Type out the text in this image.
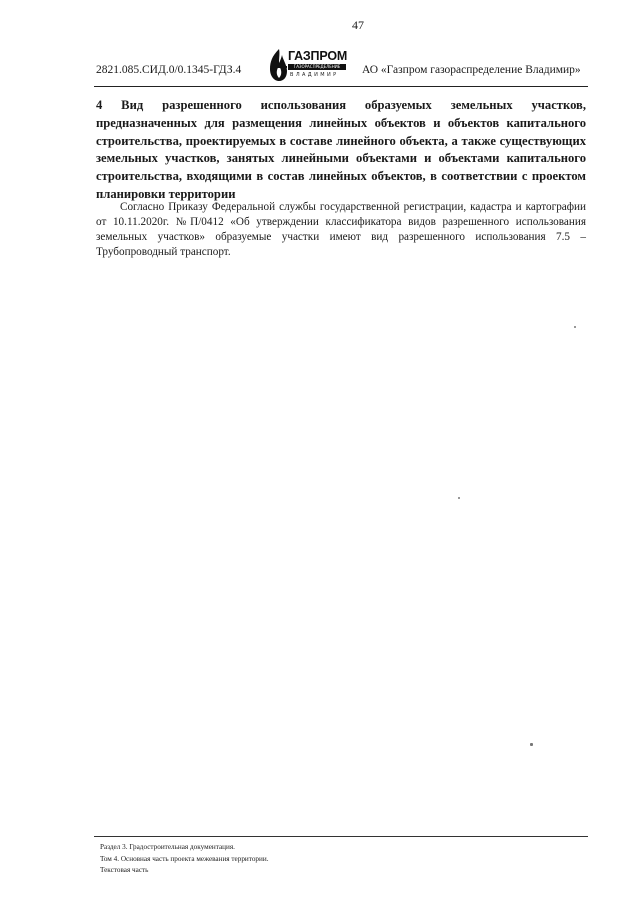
47
2821.085.СИД.0/0.1345-ГДЗ.4
ГАЗПРОМ
ГАЗОРАСПРЕДЕЛЕНИЕ
ВЛАДИМИР АО «Газпром газораспределение Владимир»

4 Вид разрешенного использования образуемых земельных участков, предназначенных для размещения линейных объектов и объектов капитального строительства, проектируемых в составе линейного объекта, а также существующих земельных участков, занятых линейными объектами и объектами капитального строительства, входящими в состав линейных объектов, в соответствии с проектом планировки территории

Согласно Приказу Федеральной службы государственной регистрации, кадастра и картографии от 10.11.2020г. №П/0412 «Об утверждении классификатора видов разрешенного использования земельных участков» образуемые участки имеют вид разрешенного использования 7.5 – Трубопроводный транспорт.

Раздел 3. Градостроительная документация.
Том 4. Основная часть проекта межевания территории.
Текстовая часть
